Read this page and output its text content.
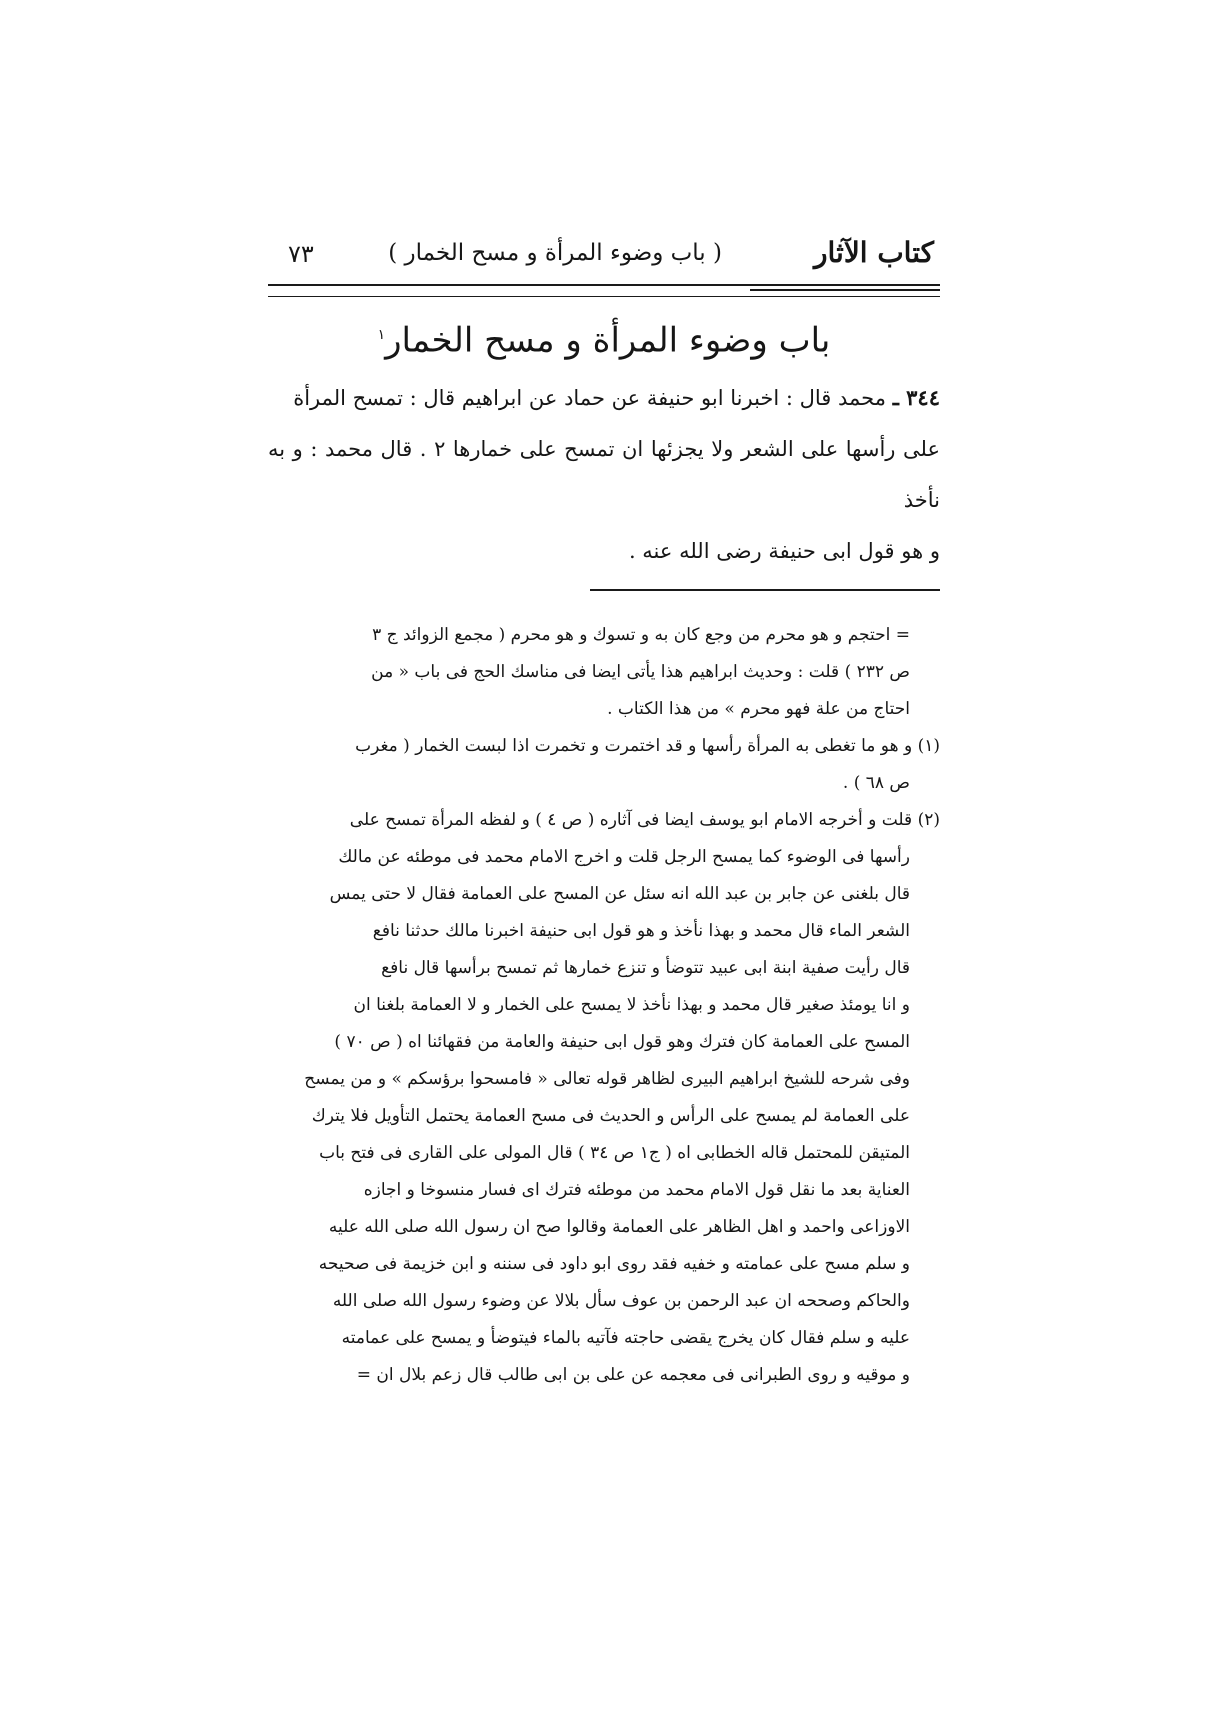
كتاب الآثار
( باب وضوء المرأة و مسح الخمار )
٧٣
باب وضوء المرأة و مسح الخمار$^١$

٣٤٤ ـ محمد قال : اخبرنا ابو حنيفة عن حماد عن ابراهيم قال : تمسح المرأة

على رأسها على الشعر ولا يجزئها ان تمسح على خمارها ٢ . قال محمد : و به نأخذ

و هو قول ابى حنيفة رضى الله عنه .

= احتجم و هو محرم من وجع كان به و تسوك و هو محرم ( مجمع الزوائد ج ٣

ص ٢٣٢ ) قلت : وحديث ابراهيم هذا يأتى ايضا فى مناسك الحج فى باب « من

احتاج من علة فهو محرم » من هذا الكتاب .

(١) و هو ما تغطى به المرأة رأسها و قد اختمرت و تخمرت اذا لبست الخمار ( مغرب

ص ٦٨ ) .

(٢) قلت و أخرجه الامام ابو يوسف ايضا فى آثاره ( ص ٤ ) و لفظه المرأة تمسح على

رأسها فى الوضوء كما يمسح الرجل قلت و اخرج الامام محمد فى موطئه عن مالك

قال بلغنى عن جابر بن عبد الله انه سئل عن المسح على العمامة فقال لا حتى يمس

الشعر الماء قال محمد و بهذا نأخذ و هو قول ابى حنيفة اخبرنا مالك حدثنا نافع

قال رأيت صفية ابنة ابى عبيد تتوضأ و تنزع خمارها ثم تمسح برأسها قال نافع

و انا يومئذ صغير قال محمد و بهذا نأخذ لا يمسح على الخمار و لا العمامة بلغنا ان

المسح على العمامة كان فترك وهو قول ابى حنيفة والعامة من فقهائنا اه ( ص ٧٠ )

وفى شرحه للشيخ ابراهيم البيرى لظاهر قوله تعالى « فامسحوا برؤسكم » و من يمسح

على العمامة لم يمسح على الرأس و الحديث فى مسح العمامة يحتمل التأويل فلا يترك

المتيقن للمحتمل قاله الخطابى اه ( ج١ ص ٣٤ ) قال المولى على القارى فى فتح باب

العناية بعد ما نقل قول الامام محمد من موطئه فترك اى فسار منسوخا و اجازه

الاوزاعى واحمد و اهل الظاهر على العمامة وقالوا صح ان رسول الله صلى الله عليه

و سلم مسح على عمامته و خفيه فقد روى ابو داود فى سننه و ابن خزيمة فى صحيحه

والحاكم وصححه ان عبد الرحمن بن عوف سأل بلالا عن وضوء رسول الله صلى الله

عليه و سلم فقال كان يخرج يقضى حاجته فآتيه بالماء فيتوضأ و يمسح على عمامته

و موقيه و روى الطبرانى فى معجمه عن على بن ابى طالب قال زعم بلال ان =
